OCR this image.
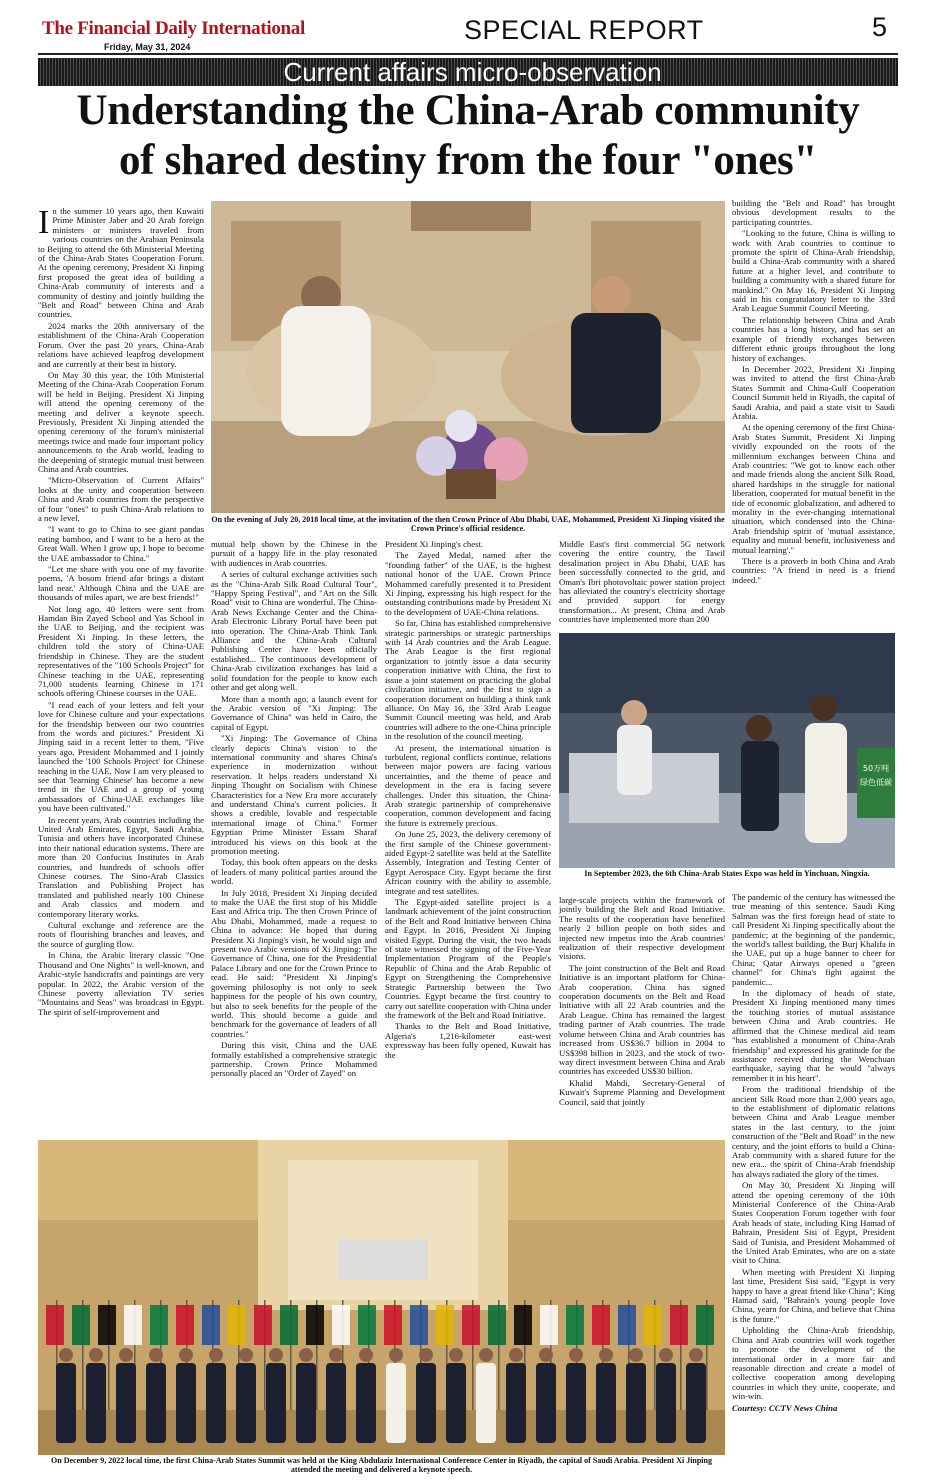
The Financial Daily International
Friday, May 31, 2024
SPECIAL REPORT	5
Current affairs micro-observation
Understanding the China-Arab community
of shared destiny from the four "ones"

In the summer 10 years ago, then Kuwaiti Prime Minister Jaber and 20 Arab foreign ministers or ministers traveled from various countries on the Arabian Peninsula to Beijing to attend the 6th Ministerial Meeting of the China-Arab States Cooperation Forum. At the opening ceremony, President Xi Jinping first proposed the great idea of building a China-Arab community of interests and a community of destiny and jointly building the "Belt and Road" between China and Arab countries.

2024 marks the 20th anniversary of the establishment of the China-Arab Cooperation Forum. Over the past 20 years, China-Arab relations have achieved leapfrog development and are currently at their best in history.

On May 30 this year, the 10th Ministerial Meeting of the China-Arab Cooperation Forum will be held in Beijing. President Xi Jinping will attend the opening ceremony of the meeting and deliver a keynote speech. Previously, President Xi Jinping attended the opening ceremony of the forum's ministerial meetings twice and made four important policy announcements to the Arab world, leading to the deepening of strategic mutual trust between China and Arab countries.

"Micro-Observation of Current Affairs" looks at the unity and cooperation between China and Arab countries from the perspective of four "ones" to push China-Arab relations to a new level.

"I want to go to China to see giant pandas eating bamboo, and I want to be a hero at the Great Wall. When I grow up, I hope to become the UAE ambassador to China."

"Let me share with you one of my favorite poems, 'A bosom friend afar brings a distant land near.' Although China and the UAE are thousands of miles apart, we are best friends!"

Not long ago, 40 letters were sent from Hamdan Bin Zayed School and Yas School in the UAE to Beijing, and the recipient was President Xi Jinping. In these letters, the children told the story of China-UAE friendship in Chinese. They are the student representatives of the "100 Schools Project" for Chinese teaching in the UAE, representing 71,000 students learning Chinese in 171 schools offering Chinese courses in the UAE.

"I read each of your letters and felt your love for Chinese culture and your expectations for the friendship between our two countries from the words and pictures." President Xi Jinping said in a recent letter to them, "Five years ago, President Mohammed and I jointly launched the '100 Schools Project' for Chinese teaching in the UAE. Now I am very pleased to see that 'learning Chinese' has become a new trend in the UAE and a group of young ambassadors of China-UAE exchanges like you have been cultivated."

In recent years, Arab countries including the United Arab Emirates, Egypt, Saudi Arabia, Tunisia and others have incorporated Chinese into their national education systems. There are more than 20 Confucius Institutes in Arab countries, and hundreds of schools offer Chinese courses. The Sino-Arab Classics Translation and Publishing Project has translated and published nearly 100 Chinese and Arab classics and modern and contemporary literary works.

Cultural exchange and reference are the roots of flourishing branches and leaves, and the source of gurgling flow.

In China, the Arabic literary classic "One Thousand and One Nights" is well-known, and Arabic-style handicrafts and paintings are very popular. In 2022, the Arabic version of the Chinese poverty alleviation TV series "Mountains and Seas" was broadcast in Egypt. The spirit of self-improvement and

On the evening of July 20, 2018 local time, at the invitation of the then Crown Prince of Abu Dhabi, UAE, Mohammed, President Xi Jinping visited the Crown Prince's official residence.

mutual help shown by the Chinese in the pursuit of a happy life in the play resonated with audiences in Arab countries.

A series of cultural exchange activities such as the "China-Arab Silk Road Cultural Tour", "Happy Spring Festival", and "Art on the Silk Road" visit to China are wonderful. The China-Arab News Exchange Center and the China-Arab Electronic Library Portal have been put into operation. The China-Arab Think Tank Alliance and the China-Arab Cultural Publishing Center have been officially established... The continuous development of China-Arab civilization exchanges has laid a solid foundation for the people to know each other and get along well.

More than a month ago, a launch event for the Arabic version of "Xi Jinping: The Governance of China" was held in Cairo, the capital of Egypt.

"Xi Jinping: The Governance of China clearly depicts China's vision to the international community and shares China's experience in modernization without reservation. It helps readers understand Xi Jinping Thought on Socialism with Chinese Characteristics for a New Era more accurately and understand China's current policies. It shows a credible, lovable and respectable international image of China." Former Egyptian Prime Minister Essam Sharaf introduced his views on this book at the promotion meeting.

Today, this book often appears on the desks of leaders of many political parties around the world.

In July 2018, President Xi Jinping decided to make the UAE the first stop of his Middle East and Africa trip. The then Crown Prince of Abu Dhabi, Mohammed, made a request to China in advance: He hoped that during President Xi Jinping's visit, he would sign and present two Arabic versions of Xi Jinping: The Governance of China, one for the Presidential Palace Library and one for the Crown Prince to read. He said: "President Xi Jinping's governing philosophy is not only to seek happiness for the people of his own country, but also to seek benefits for the people of the world. This should become a guide and benchmark for the governance of leaders of all countries."

During this visit, China and the UAE formally established a comprehensive strategic partnership. Crown Prince Mohammed personally placed an "Order of Zayed" on

President Xi Jinping's chest.

The Zayed Medal, named after the "founding father" of the UAE, is the highest national honor of the UAE. Crown Prince Mohammed carefully presented it to President Xi Jinping, expressing his high respect for the outstanding contributions made by President Xi to the development of UAE-China relations.

So far, China has established comprehensive strategic partnerships or strategic partnerships with 14 Arab countries and the Arab League. The Arab League is the first regional organization to jointly issue a data security cooperation initiative with China, the first to issue a joint statement on practicing the global civilization initiative, and the first to sign a cooperation document on building a think tank alliance. On May 16, the 33rd Arab League Summit Council meeting was held, and Arab countries will adhere to the one-China principle in the resolution of the council meeting.

At present, the international situation is turbulent, regional conflicts continue, relations between major powers are facing various uncertainties, and the theme of peace and development in the era is facing severe challenges. Under this situation, the China-Arab strategic partnership of comprehensive cooperation, common development and facing the future is extremely precious.

On June 25, 2023, the delivery ceremony of the first sample of the Chinese government-aided Egypt-2 satellite was held at the Satellite Assembly, Integration and Testing Center of Egypt Aerospace City. Egypt became the first African country with the ability to assemble, integrate and test satellites.

The Egypt-aided satellite project is a landmark achievement of the joint construction of the Belt and Road Initiative between China and Egypt. In 2016, President Xi Jinping visited Egypt. During the visit, the two heads of state witnessed the signing of the Five-Year Implementation Program of the People's Republic of China and the Arab Republic of Egypt on Strengthening the Comprehensive Strategic Partnership between the Two Countries. Egypt became the first country to carry out satellite cooperation with China under the framework of the Belt and Road Initiative.

Thanks to the Belt and Road Initiative, Algeria's 1,216-kilometer east-west expressway has been fully opened, Kuwait has the

Middle East's first commercial 5G network covering the entire country, the Tawil desalination project in Abu Dhabi, UAE has been successfully connected to the grid, and Oman's Ibri photovoltaic power station project has alleviated the country's electricity shortage and provided support for energy transformation... At present, China and Arab countries have implemented more than 200

50万吨
绿色低碳
In September 2023, the 6th China-Arab States Expo was held in Yinchuan, Ningxia.

large-scale projects within the framework of jointly building the Belt and Road Initiative. The results of the cooperation have benefited nearly 2 billion people on both sides and injected new impetus into the Arab countries' realization of their respective development visions.

The joint construction of the Belt and Road Initiative is an important platform for China-Arab cooperation. China has signed cooperation documents on the Belt and Road Initiative with all 22 Arab countries and the Arab League. China has remained the largest trading partner of Arab countries. The trade volume between China and Arab countries has increased from US$36.7 billion in 2004 to US$398 billion in 2023, and the stock of two-way direct investment between China and Arab countries has exceeded US$30 billion.

Khalid Mahdi, Secretary-General of Kuwait's Supreme Planning and Development Council, said that jointly

building the "Belt and Road" has brought obvious development results to the participating countries.

"Looking to the future, China is willing to work with Arab countries to continue to promote the spirit of China-Arab friendship, build a China-Arab community with a shared future at a higher level, and contribute to building a community with a shared future for mankind." On May 16, President Xi Jinping said in his congratulatory letter to the 33rd Arab League Summit Council Meeting.

The relationship between China and Arab countries has a long history, and has set an example of friendly exchanges between different ethnic groups throughout the long history of exchanges.

In December 2022, President Xi Jinping was invited to attend the first China-Arab States Summit and China-Gulf Cooperation Council Summit held in Riyadh, the capital of Saudi Arabia, and paid a state visit to Saudi Arabia.

At the opening ceremony of the first China-Arab States Summit, President Xi Jinping vividly expounded on the roots of the millennium exchanges between China and Arab countries: "We got to know each other and made friends along the ancient Silk Road, shared hardships in the struggle for national liberation, cooperated for mutual benefit in the tide of economic globalization, and adhered to morality in the ever-changing international situation, which condensed into the China-Arab friendship spirit of 'mutual assistance, equality and mutual benefit, inclusiveness and mutual learning'."

There is a proverb in both China and Arab countries: "A friend in need is a friend indeed."

The pandemic of the century has witnessed the true meaning of this sentence. Saudi King Salman was the first foreign head of state to call President Xi Jinping specifically about the pandemic; at the beginning of the pandemic, the world's tallest building, the Burj Khalifa in the UAE, put up a huge banner to cheer for China; Qatar Airways opened a "green channel" for China's fight against the pandemic...

In the diplomacy of heads of state, President Xi Jinping mentioned many times the touching stories of mutual assistance between China and Arab countries. He affirmed that the Chinese medical aid team "has established a monument of China-Arab friendship" and expressed his gratitude for the assistance received during the Wenchuan earthquake, saying that he would "always remember it in his heart".

From the traditional friendship of the ancient Silk Road more than 2,000 years ago, to the establishment of diplomatic relations between China and Arab League member states in the last century, to the joint construction of the "Belt and Road" in the new century, and the joint efforts to build a China-Arab community with a shared future for the new era... the spirit of China-Arab friendship has always radiated the glory of the times.

On May 30, President Xi Jinping will attend the opening ceremony of the 10th Ministerial Conference of the China-Arab States Cooperation Forum together with four Arab heads of state, including King Hamad of Bahrain, President Sisi of Egypt, President Said of Tunisia, and President Mohammed of the United Arab Emirates, who are on a state visit to China.

When meeting with President Xi Jinping last time, President Sisi said, "Egypt is very happy to have a great friend like China"; King Hamad said, "Bahrain's young people love China, yearn for China, and believe that China is the future."

Upholding the China-Arab friendship, China and Arab countries will work together to promote the development of the international order in a more fair and reasonable direction and create a model of collective cooperation among developing countries in which they unite, cooperate, and win-win.

Courtesy: CCTV News China

On December 9, 2022 local time, the first China-Arab States Summit was held at the King Abdulaziz International Conference Center in Riyadh, the capital of Saudi Arabia. President Xi Jinping attended the meeting and delivered a keynote speech.
